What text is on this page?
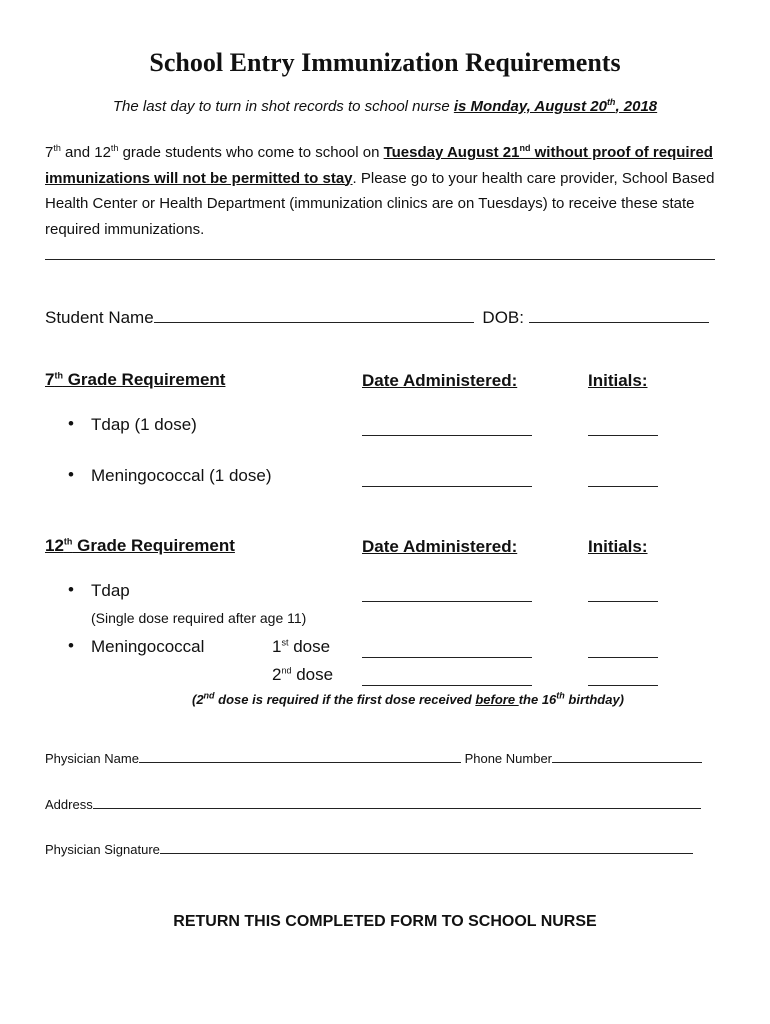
School Entry Immunization Requirements
The last day to turn in shot records to school nurse is Monday, August 20th, 2018
7th and 12th grade students who come to school on Tuesday August 21nd without proof of required immunizations will not be permitted to stay. Please go to your health care provider, School Based Health Center or Health Department (immunization clinics are on Tuesdays) to receive these state required immunizations.
Student Name	DOB:
7th Grade Requirement	Date Administered:	Initials:
• Tdap (1 dose)
• Meningococcal (1 dose)
12th Grade Requirement	Date Administered:	Initials:
• Tdap
(Single dose required after age 11)
• Meningococcal	1st dose
2nd dose
(2nd dose is required if the first dose received before the 16th birthday)
Physician Name	Phone Number
Address
Physician Signature
RETURN THIS COMPLETED FORM TO SCHOOL NURSE
